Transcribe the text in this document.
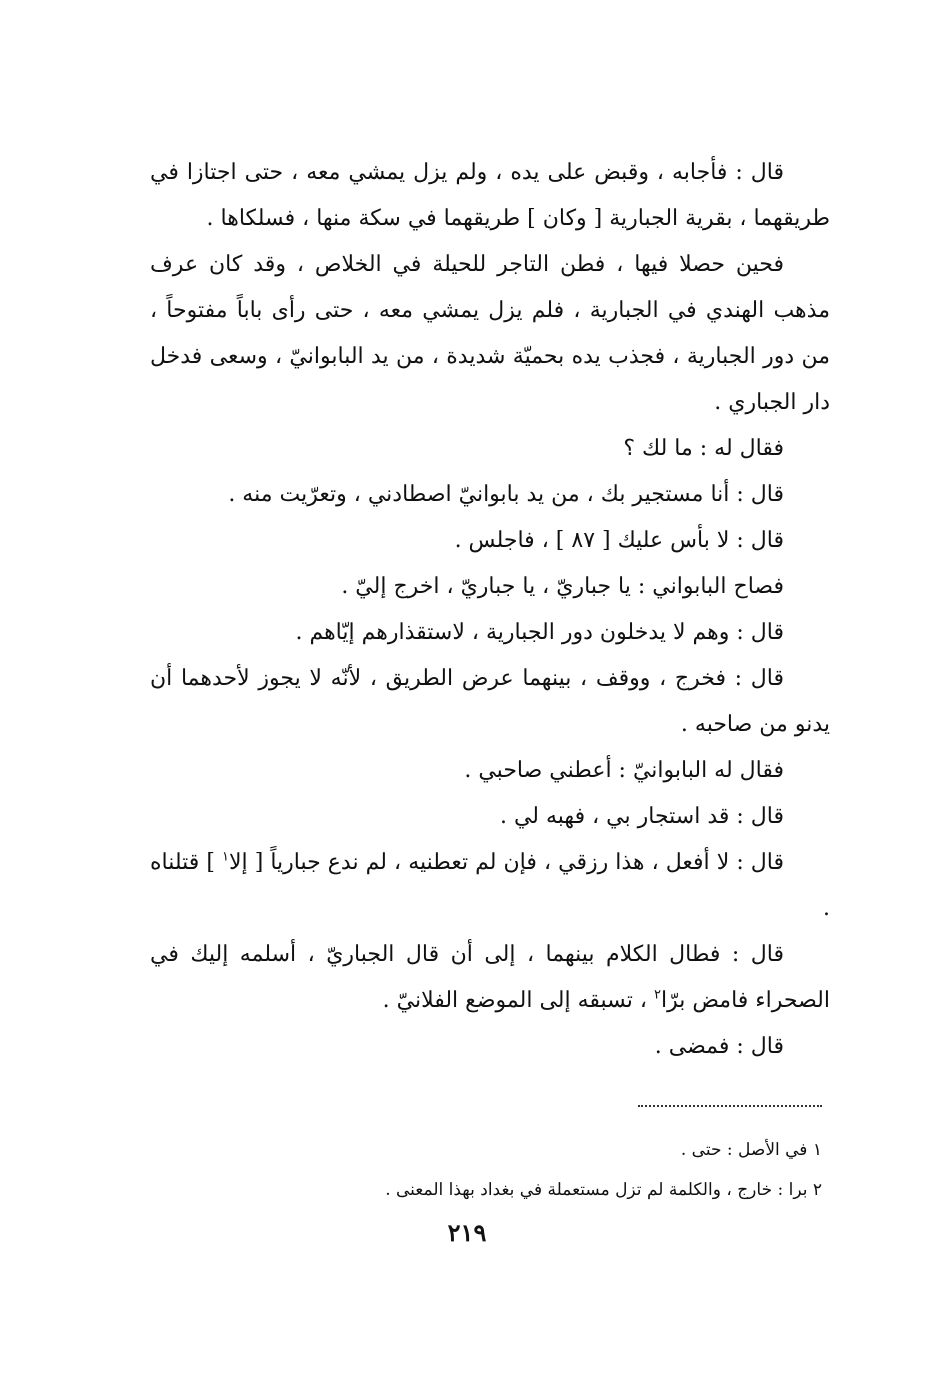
قال : فأجابه ، وقبض على يده ، ولم يزل يمشي معه ، حتى اجتازا في طريقهما ، بقرية الجبارية [ وكان ] طريقهما في سكة منها ، فسلكاها .

فحين حصلا فيها ، فطن التاجر للحيلة في الخلاص ، وقد كان عرف مذهب الهندي في الجبارية ، فلم يزل يمشي معه ، حتى رأى باباً مفتوحاً ، من دور الجبارية ، فجذب يده بحميّة شديدة ، من يد البابوانيّ ، وسعى فدخل دار الجباري .

فقال له : ما لك ؟

قال : أنا مستجير بك ، من يد بابوانيّ اصطادني ، وتعرّيت منه .

قال : لا بأس عليك [ ٨٧ ] ، فاجلس .

فصاح البابواني : يا جباريّ ، يا جباريّ ، اخرج إليّ .

قال : وهم لا يدخلون دور الجبارية ، لاستقذارهم إيّاهم .

قال : فخرج ، ووقف ، بينهما عرض الطريق ، لأنّه لا يجوز لأحدهما أن يدنو من صاحبه .

فقال له البابوانيّ : أعطني صاحبي .

قال : قد استجار بي ، فهبه لي .

قال : لا أفعل ، هذا رزقي ، فإن لم تعطنيه ، لم ندع جبارياً [ إلا$^١$ ] قتلناه .

قال : فطال الكلام بينهما ، إلى أن قال الجباريّ ، أسلمه إليك في الصحراء فامض برّا$^٢$ ، تسبقه إلى الموضع الفلانيّ .

قال : فمضى .

١ في الأصل : حتى .
٢ برا : خارج ، والكلمة لم تزل مستعملة في بغداد بهذا المعنى .
٢١٩
